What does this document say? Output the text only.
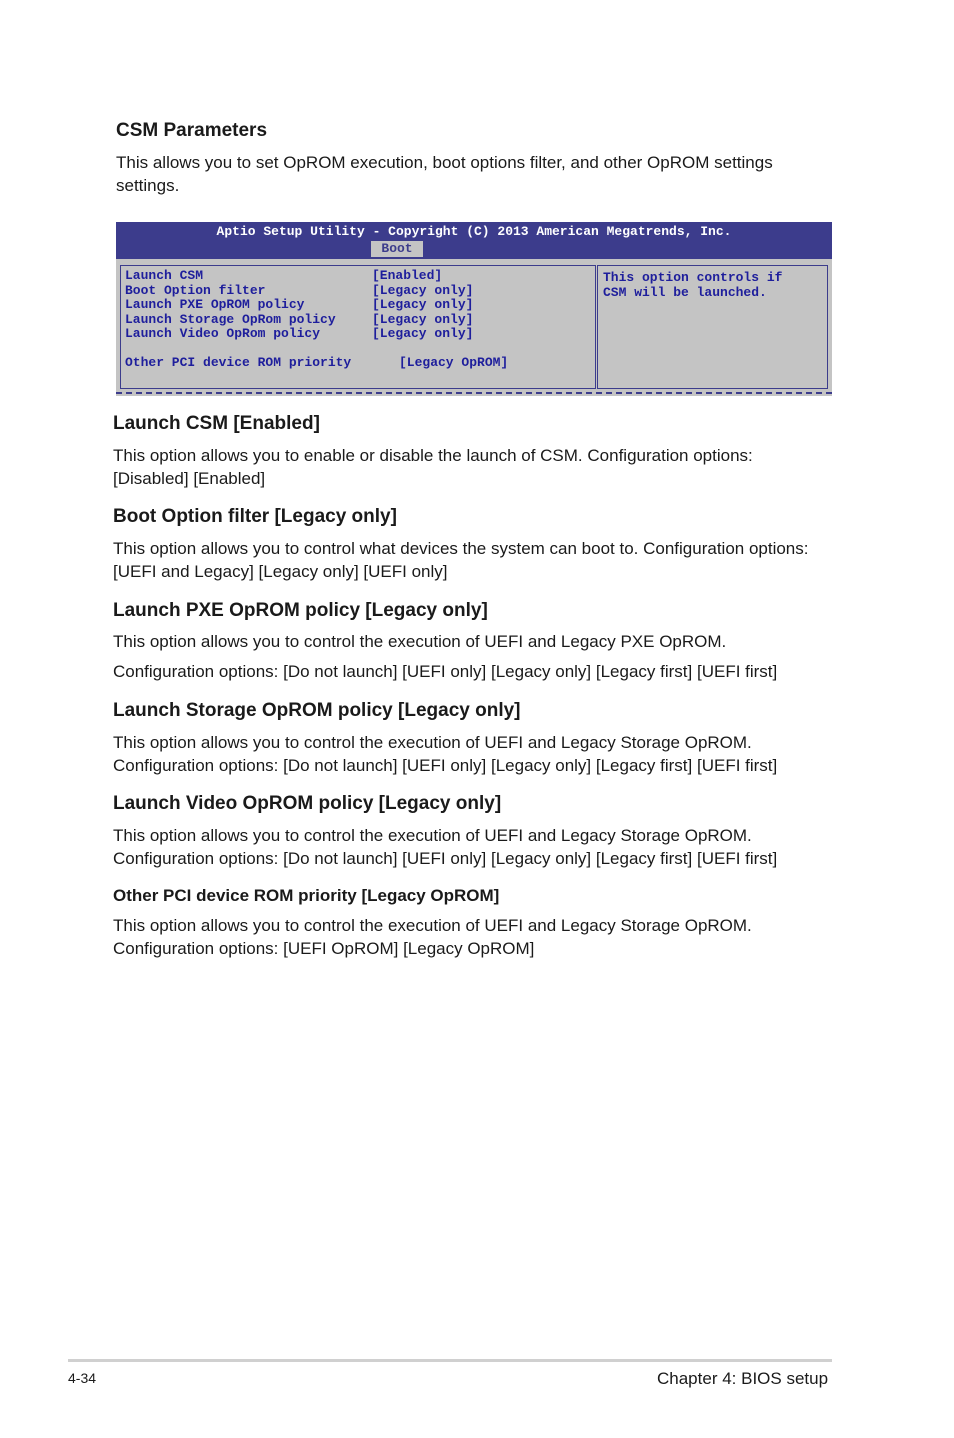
CSM Parameters
This allows you to set OpROM execution, boot options filter, and other OpROM settings
settings.
Aptio Setup Utility - Copyright (C) 2013 American Megatrends, Inc.
Boot
Launch CSM	[Enabled]
Boot Option filter	[Legacy only]
Launch PXE OpROM policy	[Legacy only]
Launch Storage OpRom policy	[Legacy only]
Launch Video OpRom policy	[Legacy only]
Other PCI device ROM priority	[Legacy OpROM]
This option controls if
CSM will be launched.
Launch CSM [Enabled]
This option allows you to enable or disable the launch of CSM. Configuration options:
[Disabled] [Enabled]
Boot Option filter [Legacy only]
This option allows you to control what devices the system can boot to. Configuration options:
[UEFI and Legacy] [Legacy only] [UEFI only]
Launch PXE OpROM policy [Legacy only]
This option allows you to control the execution of UEFI and Legacy PXE OpROM.
Configuration options: [Do not launch] [UEFI only] [Legacy only] [Legacy first] [UEFI first]
Launch Storage OpROM policy [Legacy only]
This option allows you to control the execution of UEFI and Legacy Storage OpROM.
Configuration options: [Do not launch] [UEFI only] [Legacy only] [Legacy first] [UEFI first]
Launch Video OpROM policy [Legacy only]
This option allows you to control the execution of UEFI and Legacy Storage OpROM.
Configuration options: [Do not launch] [UEFI only] [Legacy only] [Legacy first] [UEFI first]
Other PCI device ROM priority [Legacy OpROM]
This option allows you to control the execution of UEFI and Legacy Storage OpROM.
Configuration options: [UEFI OpROM] [Legacy OpROM]
4-34	Chapter 4: BIOS setup
